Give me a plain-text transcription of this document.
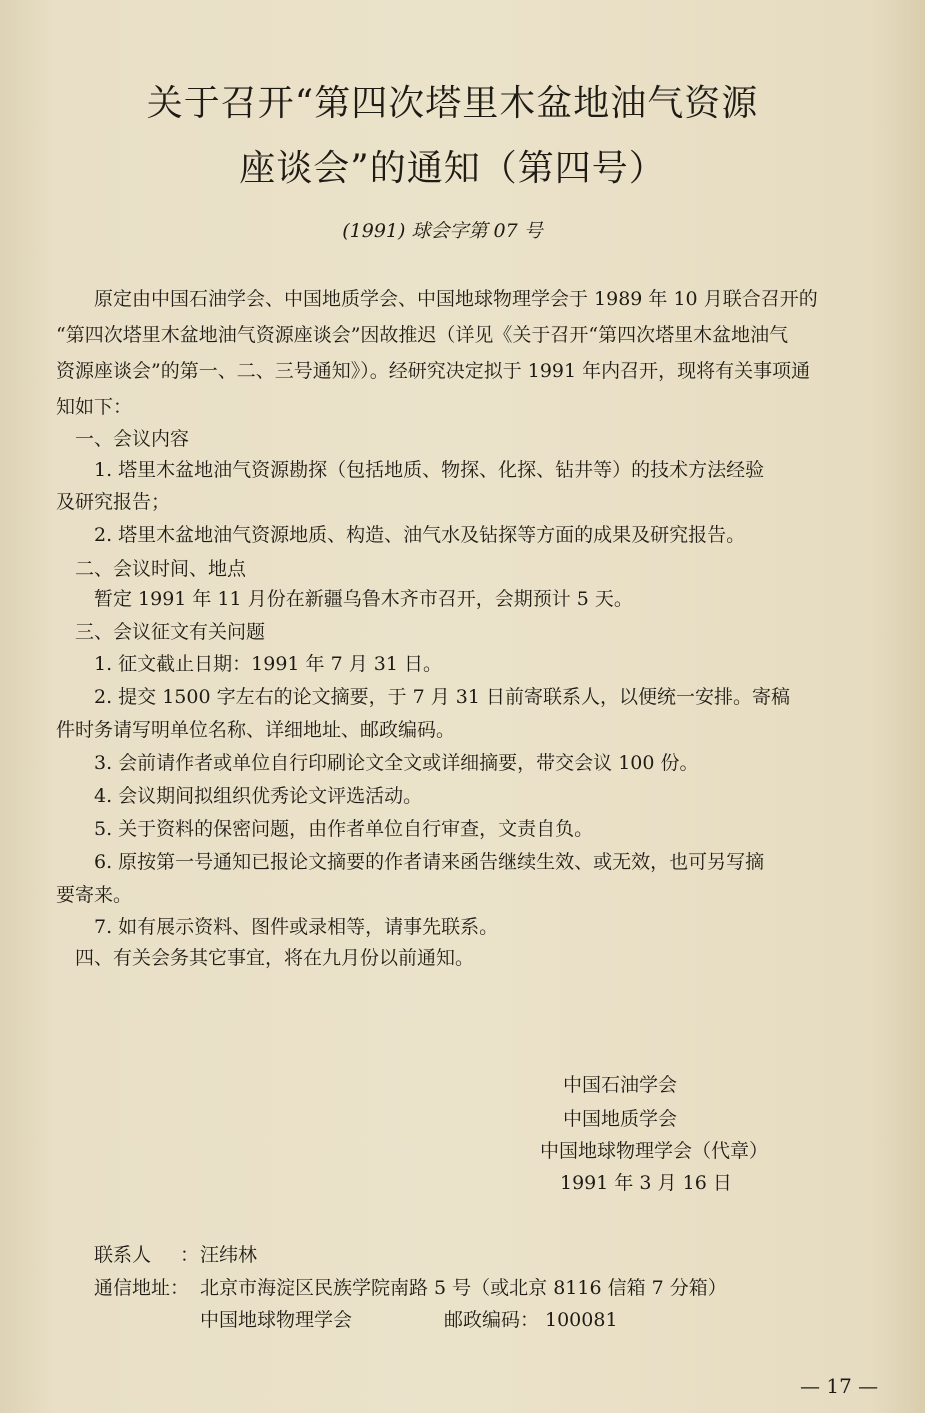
关于召开“第四次塔里木盆地油气资源
座谈会”的通知（第四号）
(1991) 球会字第 07 号
原定由中国石油学会、中国地质学会、中国地球物理学会于 1989 年 10 月联合召开的
“第四次塔里木盆地油气资源座谈会”因故推迟（详见《关于召开“第四次塔里木盆地油气
资源座谈会”的第一、二、三号通知》）。经研究决定拟于 1991 年内召开，现将有关事项通
知如下：
一、会议内容
1. 塔里木盆地油气资源勘探（包括地质、物探、化探、钻井等）的技术方法经验
及研究报告；
2. 塔里木盆地油气资源地质、构造、油气水及钻探等方面的成果及研究报告。
二、会议时间、地点
暂定 1991 年 11 月份在新疆乌鲁木齐市召开，会期预计 5 天。
三、会议征文有关问题
1. 征文截止日期：1991 年 7 月 31 日。
2. 提交 1500 字左右的论文摘要，于 7 月 31 日前寄联系人，以便统一安排。寄稿
件时务请写明单位名称、详细地址、邮政编码。
3. 会前请作者或单位自行印刷论文全文或详细摘要，带交会议 100 份。
4. 会议期间拟组织优秀论文评选活动。
5. 关于资料的保密问题，由作者单位自行审查，文责自负。
6. 原按第一号通知已报论文摘要的作者请来函告继续生效、或无效，也可另写摘
要寄来。
7. 如有展示资料、图件或录相等，请事先联系。
四、有关会务其它事宜，将在九月份以前通知。
中国石油学会
中国地质学会
中国地球物理学会（代章）
1991 年 3 月 16 日
联系人 ： 汪纬林
通信地址： 北京市海淀区民族学院南路 5 号（或北京 8116 信箱 7 分箱）
中国地球物理学会	邮政编码： 100081
— 17 —
